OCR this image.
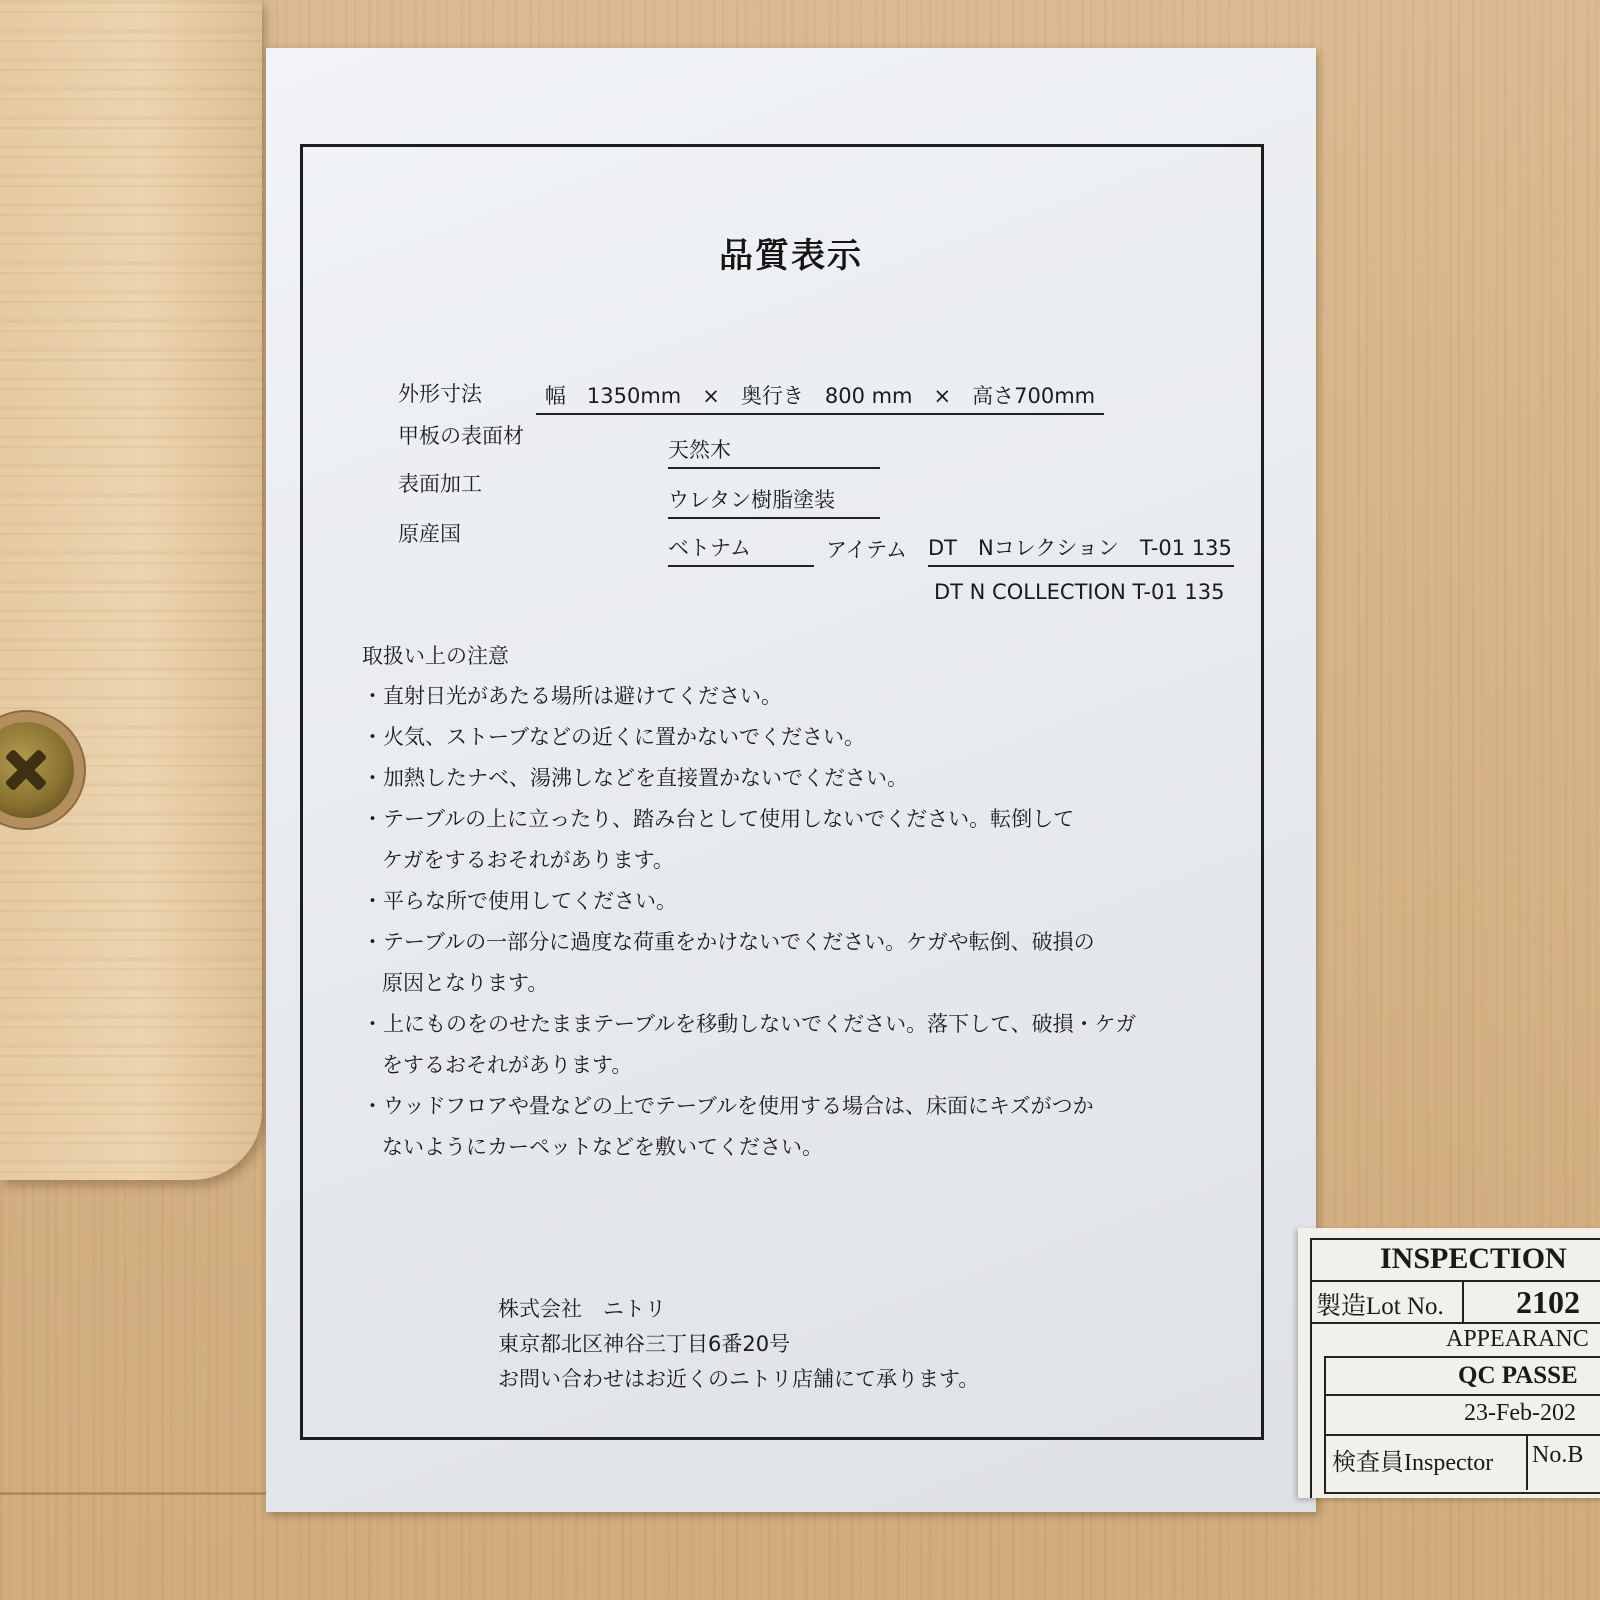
品質表示
外形寸法	幅　1350mm　×　奥行き　800 mm　×　高さ700mm
甲板の表面材
天然木
表面加工
ウレタン樹脂塗装
原産国
ベトナム	アイテム DT　Nコレクション　T-01 135
DT N COLLECTION T-01 135
取扱い上の注意
・直射日光があたる場所は避けてください。
・火気、ストーブなどの近くに置かないでください。
・加熱したナベ、湯沸しなどを直接置かないでください。
・テーブルの上に立ったり、踏み台として使用しないでください。転倒して
ケガをするおそれがあります。
・平らな所で使用してください。
・テーブルの一部分に過度な荷重をかけないでください。ケガや転倒、破損の
原因となります。
・上にものをのせたままテーブルを移動しないでください。落下して、破損・ケガ
をするおそれがあります。
・ウッドフロアや畳などの上でテーブルを使用する場合は、床面にキズがつか
ないようにカーペットなどを敷いてください。
株式会社　ニトリ
東京都北区神谷三丁目6番20号
お問い合わせはお近くのニトリ店舗にて承ります。
INSPECTION
製造Lot No. 2102
APPEARANC
QC PASSE
23-Feb-202
検査員Inspector No.B
